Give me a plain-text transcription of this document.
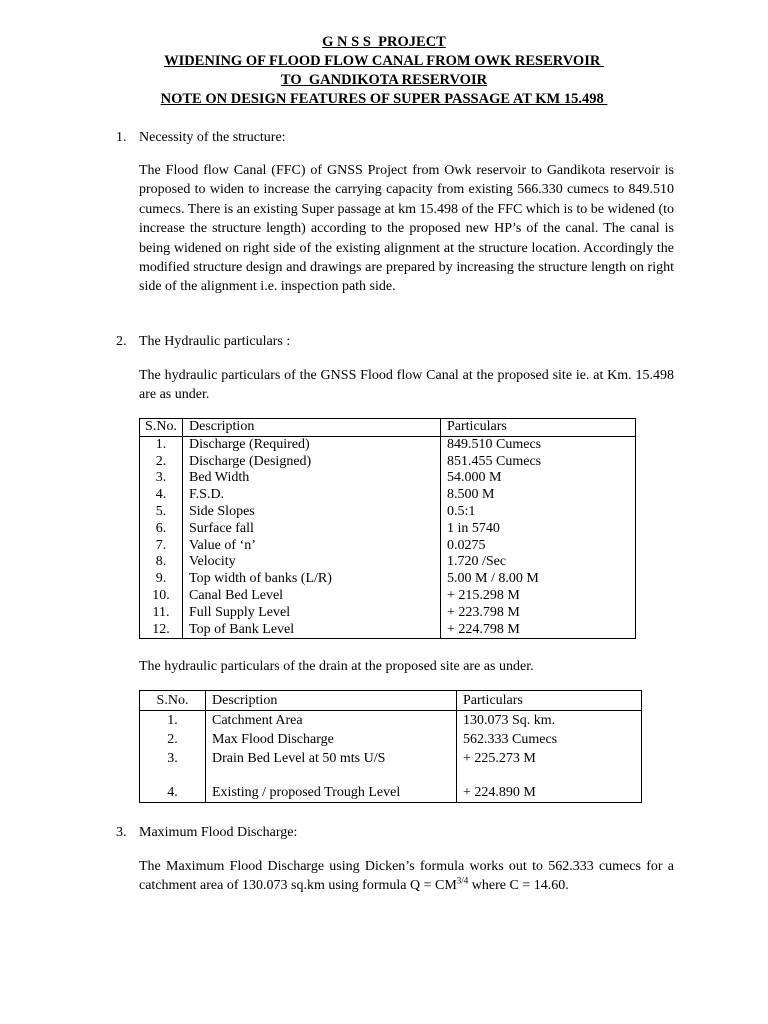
G N S S  PROJECT
WIDENING OF FLOOD FLOW CANAL FROM OWK RESERVOIR
TO  GANDIKOTA RESERVOIR
NOTE ON DESIGN FEATURES OF SUPER PASSAGE AT KM 15.498
1. Necessity of the structure:
The Flood flow Canal (FFC) of GNSS Project from Owk reservoir to Gandikota reservoir is proposed to widen to increase the carrying capacity from existing 566.330 cumecs to 849.510 cumecs. There is an existing Super passage at km 15.498 of the FFC which is to be widened (to increase the structure length) according to the proposed new HP’s of the canal. The canal is being widened on right side of the existing alignment at the structure location. Accordingly the modified structure design and drawings are prepared by increasing the structure length on right side of the alignment i.e. inspection path side.
2. The Hydraulic particulars :
The hydraulic particulars of the GNSS Flood flow Canal at the proposed site ie. at Km. 15.498 are as under.
S.No.	Description	Particulars
1.	Discharge (Required)	849.510 Cumecs
2.	Discharge (Designed)	851.455 Cumecs
3.	Bed Width	54.000 M
4.	F.S.D.	8.500 M
5.	Side Slopes	0.5:1
6.	Surface fall	1 in 5740
7.	Value of ‘n’	0.0275
8.	Velocity	1.720 /Sec
9.	Top width of banks (L/R)	5.00 M / 8.00 M
10.	Canal Bed Level	+ 215.298 M
11.	Full Supply Level	+ 223.798 M
12.	Top of Bank Level	+ 224.798 M
The hydraulic particulars of the drain at the proposed site are as under.
S.No.	Description	Particulars
1.	Catchment Area	130.073 Sq. km.
2.	Max Flood Discharge	562.333 Cumecs
3.	Drain Bed Level at 50 mts U/S	+ 225.273 M
4.	Existing / proposed Trough Level	+ 224.890 M
3. Maximum Flood Discharge:
The Maximum Flood Discharge using Dicken’s formula works out to 562.333 cumecs for a catchment area of 130.073 sq.km using formula $Q = CM^{3/4}$ where C = 14.60.
